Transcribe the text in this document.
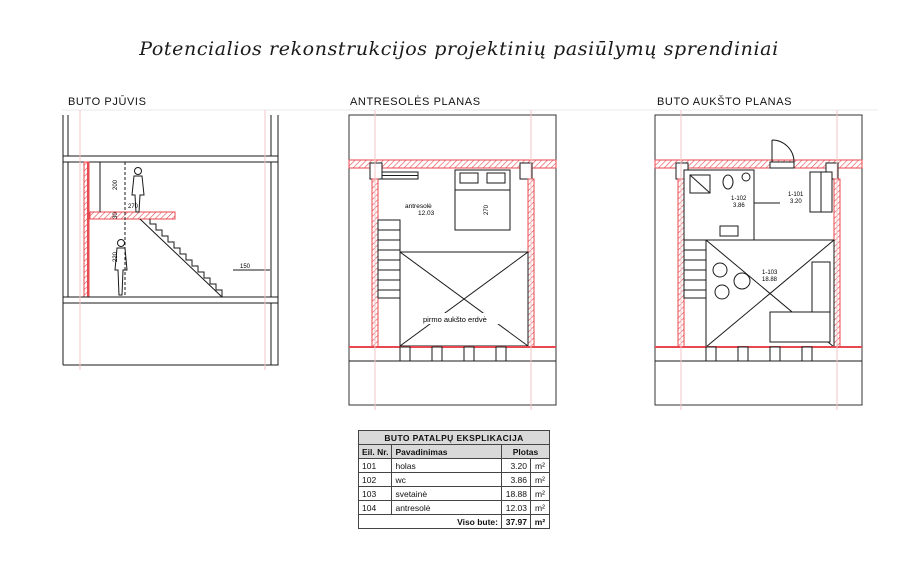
Potencialios rekonstrukcijos projektinių pasiūlymų sprendiniai
BUTO PJŪVIS	ANTRESOLĖS PLANAS	BUTO AUKŠTO PLANAS
200
270
30
220
150
antresolė
12.03	270
pirmo aukšto erdvė
1-101
3.20
1-102
3.86
1-103
18.88
BUTO PATALPŲ EKSPLIKACIJA			
Eil. Nr.	Pavadinimas	Plotas	
101	holas	3.20	m²
102	wc	3.86	m²
103	svetainė	18.88	m²
104	antresolė	12.03	m²
Viso bute:		37.97	m²
